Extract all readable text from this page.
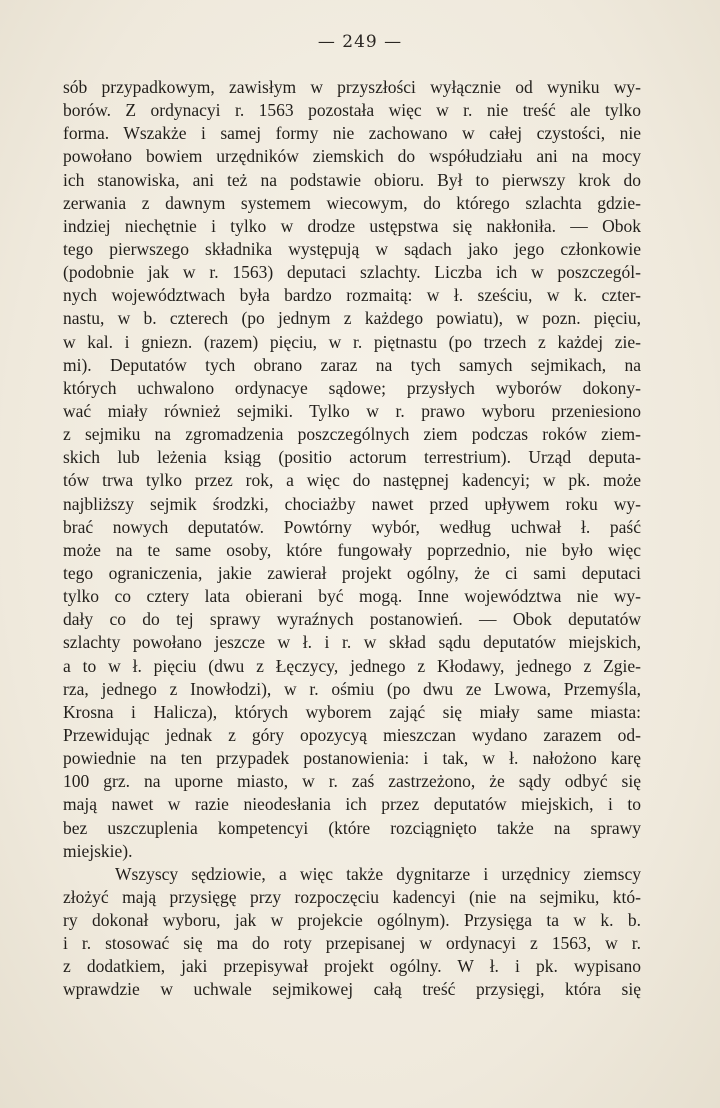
— 249 —
sób przypadkowym, zawisłym w przyszłości wyłącznie od wyniku wy-
borów. Z ordynacyi r. 1563 pozostała więc w r. nie treść ale tylko
forma. Wszakże i samej formy nie zachowano w całej czystości, nie
powołano bowiem urzędników ziemskich do współudziału ani na mocy
ich stanowiska, ani też na podstawie obioru. Był to pierwszy krok do
zerwania z dawnym systemem wiecowym, do którego szlachta gdzie-
indziej niechętnie i tylko w drodze ustępstwa się nakłoniła. — Obok
tego pierwszego składnika występują w sądach jako jego członkowie
(podobnie jak w r. 1563) deputaci szlachty. Liczba ich w poszczegól-
nych województwach była bardzo rozmaitą: w ł. sześciu, w k. czter-
nastu, w b. czterech (po jednym z każdego powiatu), w pozn. pięciu,
w kal. i gniezn. (razem) pięciu, w r. piętnastu (po trzech z każdej zie-
mi). Deputatów tych obrano zaraz na tych samych sejmikach, na
których uchwalono ordynacye sądowe; przysłych wyborów dokony-
wać miały również sejmiki. Tylko w r. prawo wyboru przeniesiono
z sejmiku na zgromadzenia poszczególnych ziem podczas roków ziem-
skich lub leżenia ksiąg (positio actorum terrestrium). Urząd deputa-
tów trwa tylko przez rok, a więc do następnej kadencyi; w pk. może
najbliższy sejmik środzki, chociażby nawet przed upływem roku wy-
brać nowych deputatów. Powtórny wybór, według uchwał ł. paść
może na te same osoby, które fungowały poprzednio, nie było więc
tego ograniczenia, jakie zawierał projekt ogólny, że ci sami deputaci
tylko co cztery lata obierani być mogą. Inne województwa nie wy-
dały co do tej sprawy wyraźnych postanowień. — Obok deputatów
szlachty powołano jeszcze w ł. i r. w skład sądu deputatów miejskich,
a to w ł. pięciu (dwu z Łęczycy, jednego z Kłodawy, jednego z Zgie-
rza, jednego z Inowłodzi), w r. ośmiu (po dwu ze Lwowa, Przemyśla,
Krosna i Halicza), których wyborem zająć się miały same miasta:
Przewidując jednak z góry opozycyą mieszczan wydano zarazem od-
powiednie na ten przypadek postanowienia: i tak, w ł. nałożono karę
100 grz. na uporne miasto, w r. zaś zastrzeżono, że sądy odbyć się
mają nawet w razie nieodesłania ich przez deputatów miejskich, i to
bez uszczuplenia kompetencyi (które rozciągnięto także na sprawy
miejskie).
Wszyscy sędziowie, a więc także dygnitarze i urzędnicy ziemscy
złożyć mają przysięgę przy rozpoczęciu kadencyi (nie na sejmiku, któ-
ry dokonał wyboru, jak w projekcie ogólnym). Przysięga ta w k. b.
i r. stosować się ma do roty przepisanej w ordynacyi z 1563, w r.
z dodatkiem, jaki przepisywał projekt ogólny. W ł. i pk. wypisano
wprawdzie w uchwale sejmikowej całą treść przysięgi, która się
